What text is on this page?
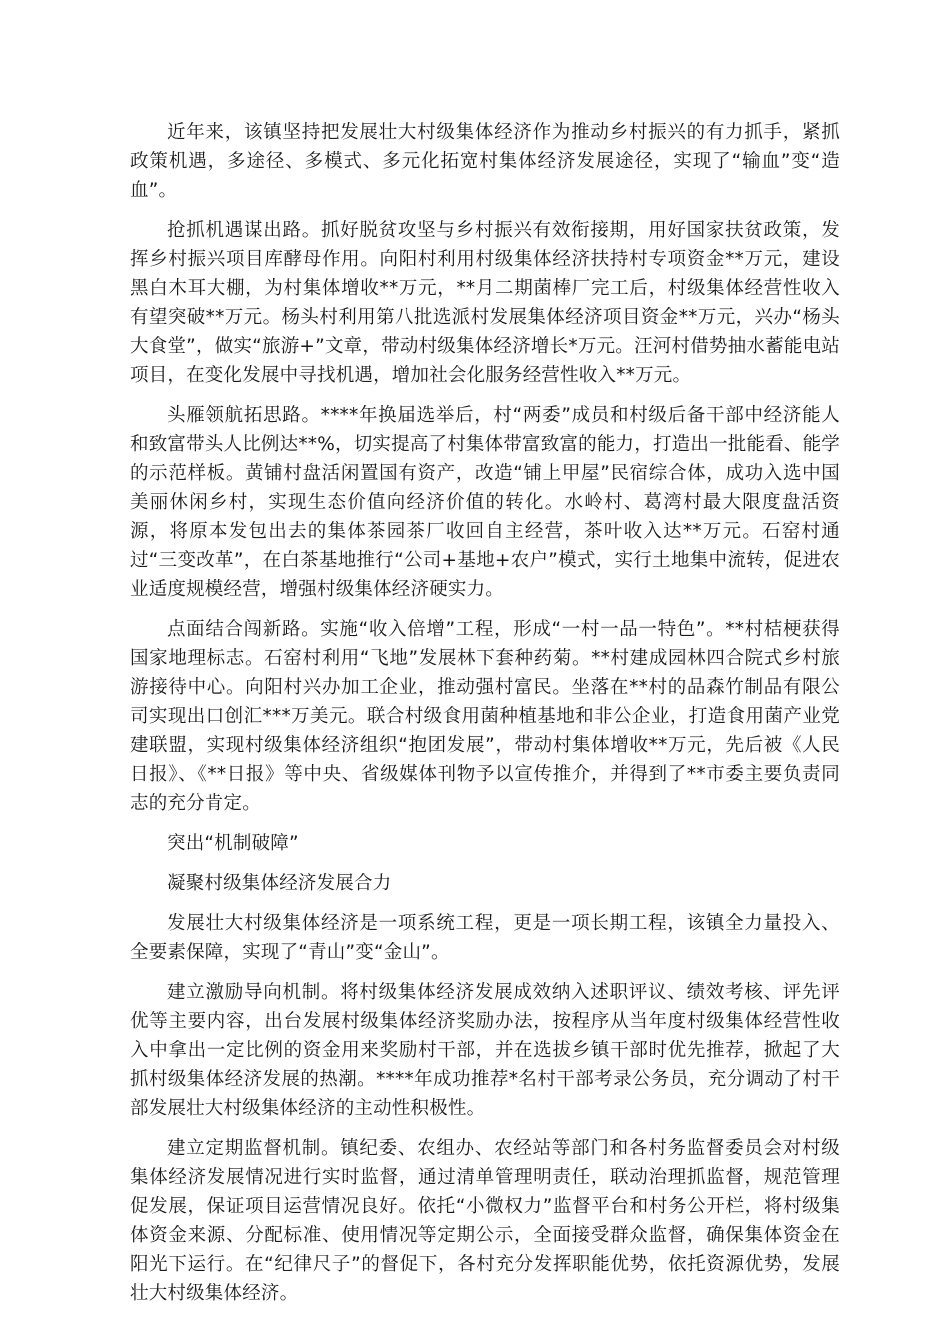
近年来，该镇坚持把发展壮大村级集体经济作为推动乡村振兴的有力抓手，紧抓政策机遇，多途径、多模式、多元化拓宽村集体经济发展途径，实现了“输血”变“造血”。

抢抓机遇谋出路。抓好脱贫攻坚与乡村振兴有效衔接期，用好国家扶贫政策，发挥乡村振兴项目库酵母作用。向阳村利用村级集体经济扶持村专项资金**万元，建设黑白木耳大棚，为村集体增收**万元，**月二期菌棒厂完工后，村级集体经营性收入有望突破**万元。杨头村利用第八批选派村发展集体经济项目资金**万元，兴办“杨头大食堂”，做实“旅游+”文章，带动村级集体经济增长*万元。汪河村借势抽水蓄能电站项目，在变化发展中寻找机遇，增加社会化服务经营性收入**万元。

头雁领航拓思路。****年换届选举后，村“两委”成员和村级后备干部中经济能人和致富带头人比例达**%，切实提高了村集体带富致富的能力，打造出一批能看、能学的示范样板。黄铺村盘活闲置国有资产，改造“铺上甲屋”民宿综合体，成功入选中国美丽休闲乡村，实现生态价值向经济价值的转化。水岭村、葛湾村最大限度盘活资源，将原本发包出去的集体茶园茶厂收回自主经营，茶叶收入达**万元。石窑村通过“三变改革”，在白茶基地推行“公司+基地+农户”模式，实行土地集中流转，促进农业适度规模经营，增强村级集体经济硬实力。

点面结合闯新路。实施“收入倍增”工程，形成“一村一品一特色”。**村桔梗获得国家地理标志。石窑村利用“飞地”发展林下套种药菊。**村建成园林四合院式乡村旅游接待中心。向阳村兴办加工企业，推动强村富民。坐落在**村的品森竹制品有限公司实现出口创汇***万美元。联合村级食用菌种植基地和非公企业，打造食用菌产业党建联盟，实现村级集体经济组织“抱团发展”，带动村集体增收**万元，先后被《人民日报》、《**日报》等中央、省级媒体刊物予以宣传推介，并得到了**市委主要负责同志的充分肯定。

突出“机制破障”

凝聚村级集体经济发展合力

发展壮大村级集体经济是一项系统工程，更是一项长期工程，该镇全力量投入、全要素保障，实现了“青山”变“金山”。

建立激励导向机制。将村级集体经济发展成效纳入述职评议、绩效考核、评先评优等主要内容，出台发展村级集体经济奖励办法，按程序从当年度村级集体经营性收入中拿出一定比例的资金用来奖励村干部，并在选拔乡镇干部时优先推荐，掀起了大抓村级集体经济发展的热潮。****年成功推荐*名村干部考录公务员，充分调动了村干部发展壮大村级集体经济的主动性积极性。

建立定期监督机制。镇纪委、农组办、农经站等部门和各村务监督委员会对村级集体经济发展情况进行实时监督，通过清单管理明责任，联动治理抓监督，规范管理促发展，保证项目运营情况良好。依托“小微权力”监督平台和村务公开栏，将村级集体资金来源、分配标准、使用情况等定期公示，全面接受群众监督，确保集体资金在阳光下运行。在“纪律尺子”的督促下，各村充分发挥职能优势，依托资源优势，发展壮大村级集体经济。
